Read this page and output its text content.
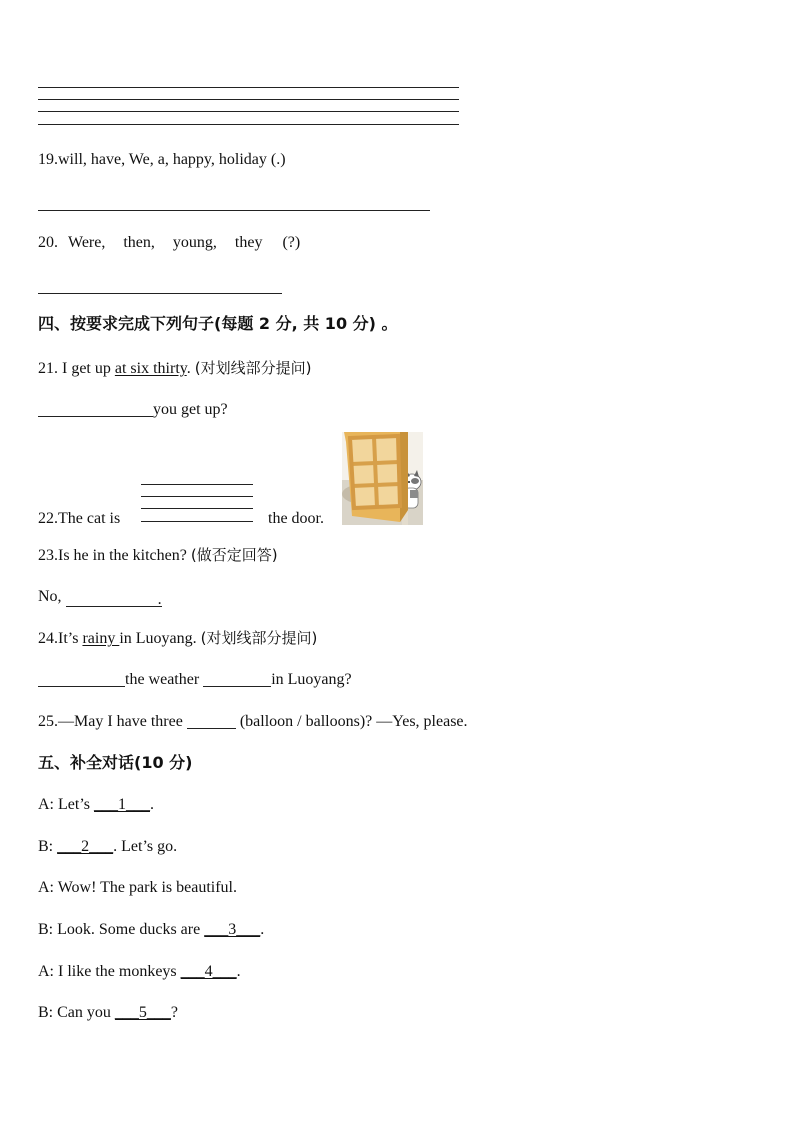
19.will, have, We, a, happy, holiday (.)
20. Were, then, young, they (?)
四、按要求完成下列句子(每题 2 分, 共 10 分) 。
21. I get up at six thirty. (对划线部分提问)
you get up?
22.The cat is	the door.
23.Is he in the kitchen? (做否定回答)
No,	.
24.It’s rainy in Luoyang. (对划线部分提问)
the weather	in Luoyang?
25.—May I have three	(balloon / balloons)? —Yes, please.
五、补全对话(10 分)
A: Let’s ___1___.
B: ___2___. Let’s go.
A: Wow! The park is beautiful.
B: Look. Some ducks are ___3___.
A: I like the monkeys ___4___.
B: Can you ___5___?
